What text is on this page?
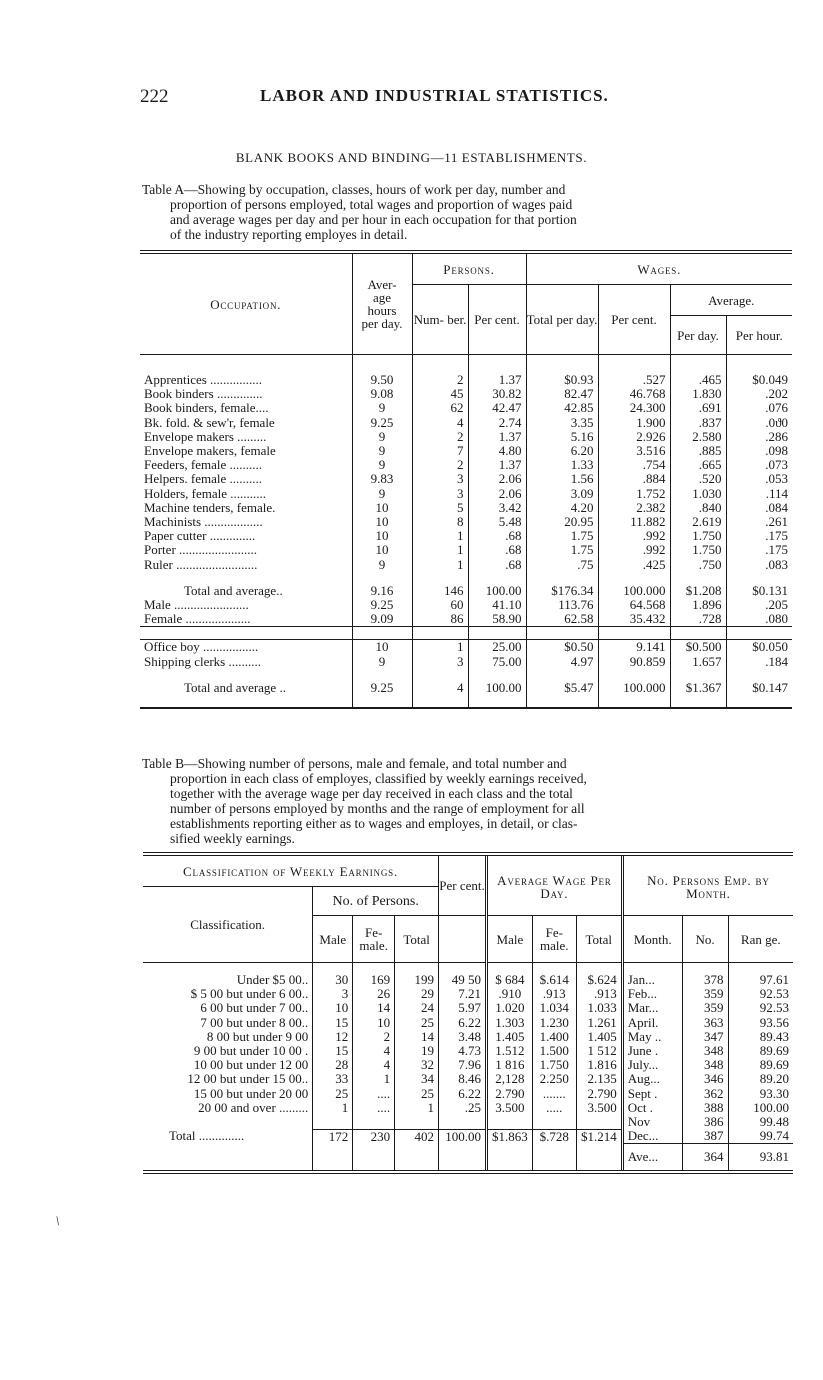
222	LABOR AND INDUSTRIAL STATISTICS.
BLANK BOOKS AND BINDING—11 ESTABLISHMENTS.

Table A—Showing by occupation, classes, hours of work per day, number and

proportion of persons employed, total wages and proportion of wages paid

and average wages per day and per hour in each occupation for that portion

of the industry reporting employes in detail.

Occupation.	Aver- age hours per day.	Persons.		Wages.			
		Num- ber.	Per cent.	Total per day.	Per cent.	Average.	
						Per day.	Per hour.

Apprentices ................	9.50	2	1.37	$0.93	.527	.465	$0.049
Book binders ..............	9.08	45	30.82	82.47	46.768	1.830	.202
Book binders, female....	9	62	42.47	42.85	24.300	.691	.076
Bk. fold. & sew'r, female	9.25	4	2.74	3.35	1.900	.837	.0ϑ0
Envelope makers .........	9	2	1.37	5.16	2.926	2.580	.286
Envelope makers, female	9	7	4.80	6.20	3.516	.885	.098
Feeders, female ..........	9	2	1.37	1.33	.754	.665	.073
Helpers. female ..........	9.83	3	2.06	1.56	.884	.520	.053
Holders, female ...........	9	3	2.06	3.09	1.752	1.030	.114
Machine tenders, female.	10	5	3.42	4.20	2.382	.840	.084
Machinists ..................	10	8	5.48	20.95	11.882	2.619	.261
Paper cutter ..............	10	1	.68	1.75	.992	1.750	.175
Porter ........................	10	1	.68	1.75	.992	1.750	.175
Ruler .........................	9	1	.68	.75	.425	.750	.083

Total and average..	9.16	146	100.00	$176.34	100.000	$1.208	$0.131
Male .......................	9.25	60	41.10	113.76	64.568	1.896	.205
Female ....................	9.09	86	58.90	62.58	35.432	.728	.080

Office boy .................	10	1	25.00	$0.50	9.141	$0.500	$0.050
Shipping clerks ..........	9	3	75.00	4.97	90.859	1.657	.184

Total and average ..	9.25	4	100.00	$5.47	100.000	$1.367	$0.147

Table B—Showing number of persons, male and female, and total number and

proportion in each class of employes, classified by weekly earnings received,

together with the average wage per day received in each class and the total

number of persons employed by months and the range of employment for all

establishments reporting either as to wages and employes, in detail, or clas-

sified weekly earnings.

Classification of Weekly Earnings.				Per cent.	Average Wage Per Day.			No. Persons Emp. by Month.		
Classification.	No. of Persons.									
	Male	Fe- male.	Total		Male	Fe- male.	Total	Month.	No.	Ran ge.

Under $5 00..	30	169	199	49 50	$ 684	$.614	$.624	Jan...	378	97.61
$ 5 00 but under 6 00..	3	26	29	7.21	.910	.913	.913	Feb...	359	92.53
6 00 but under 7 00..	10	14	24	5.97	1.020	1.034	1.033	Mar...	359	92.53
7 00 but under 8 00..	15	10	25	6.22	1.303	1.230	1.261	April.	363	93.56
8 00 but under 9 00	12	2	14	3.48	1.405	1.400	1.405	May ..	347	89.43
9 00 but under 10 00 .	15	4	19	4.73	1.512	1.500	1 512	June .	348	89.69
10 00 but under 12 00	28	4	32	7.96	1 816	1.750	1.816	July...	348	89.69
12 00 but under 15 00..	33	1	34	8.46	2,128	2.250	2.135	Aug...	346	89.20
15 00 but under 20 00	25	....	25	6.22	2.790	.......	2.790	Sept .	362	93.30
20 00 and over .........	1	....	1	.25	3.500	.....	3.500	Oct .	388	100.00
								Nov	386	99.48
Total ..............	172	230	402	100.00	$1.863	$.728	$1.214	Dec...	387	99.74
								Ave...	364	93.81
/
